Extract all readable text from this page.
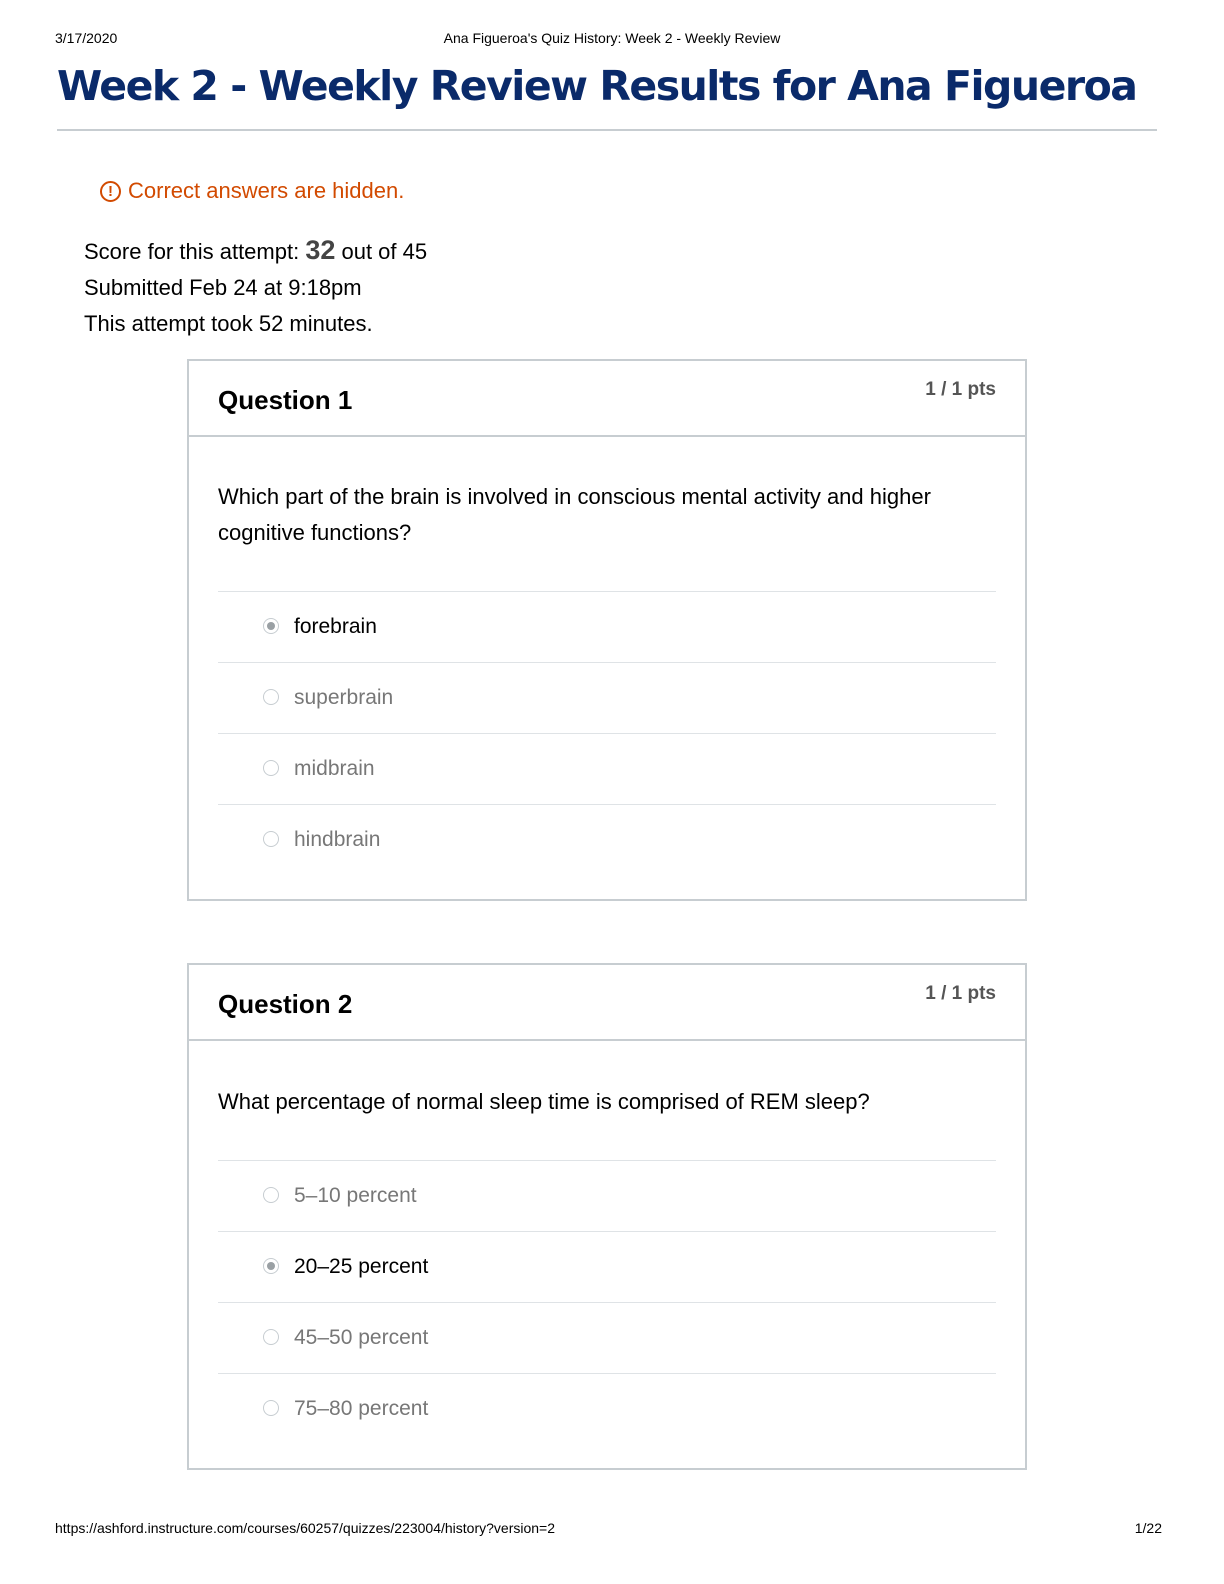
3/17/2020	Ana Figueroa's Quiz History: Week 2 - Weekly Review
Week 2 - Weekly Review Results for Ana Figueroa
! Correct answers are hidden.
Score for this attempt: 32 out of 45
Submitted Feb 24 at 9:18pm
This attempt took 52 minutes.
Question 1	1 / 1 pts
Which part of the brain is involved in conscious mental activity and higher cognitive functions?
forebrain
superbrain
midbrain
hindbrain
Question 2	1 / 1 pts
What percentage of normal sleep time is comprised of REM sleep?
5–10 percent
20–25 percent
45–50 percent
75–80 percent
https://ashford.instructure.com/courses/60257/quizzes/223004/history?version=2	1/22
